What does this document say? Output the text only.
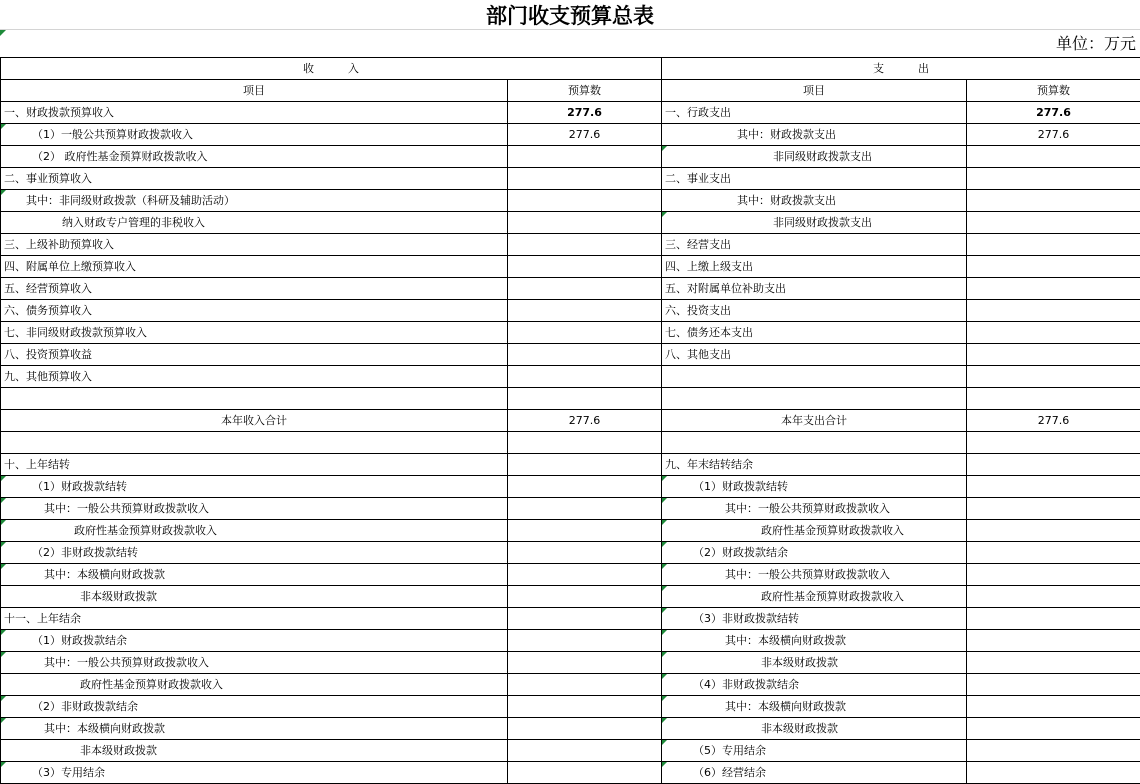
部门收支预算总表
单位：万元
收 入		支 出	
项目	预算数	项目	预算数
一、财政拨款预算收入	277.6	一、行政支出	277.6
（1）一般公共预算财政拨款收入	277.6	其中：财政拨款支出	277.6
（2） 政府性基金预算财政拨款收入		非同级财政拨款支出	
二、事业预算收入		二、事业支出	
其中：非同级财政拨款（科研及辅助活动）		其中：财政拨款支出	
纳入财政专户管理的非税收入		非同级财政拨款支出	
三、上级补助预算收入		三、经营支出	
四、附属单位上缴预算收入		四、上缴上级支出	
五、经营预算收入		五、对附属单位补助支出	
六、债务预算收入		六、投资支出	
七、非同级财政拨款预算收入		七、债务还本支出	
八、投资预算收益		八、其他支出	
九、其他预算收入			

本年收入合计	277.6	本年支出合计	277.6

十、上年结转		九、年末结转结余	
（1）财政拨款结转		（1）财政拨款结转	
其中：一般公共预算财政拨款收入		其中：一般公共预算财政拨款收入	
政府性基金预算财政拨款收入		政府性基金预算财政拨款收入	
（2）非财政拨款结转		（2）财政拨款结余	
其中：本级横向财政拨款		其中：一般公共预算财政拨款收入	
非本级财政拨款		政府性基金预算财政拨款收入	
十一、上年结余		（3）非财政拨款结转	
（1）财政拨款结余		其中：本级横向财政拨款	
其中：一般公共预算财政拨款收入		非本级财政拨款	
政府性基金预算财政拨款收入		（4）非财政拨款结余	
（2）非财政拨款结余		其中：本级横向财政拨款	
其中：本级横向财政拨款		非本级财政拨款	
非本级财政拨款		（5）专用结余	
（3）专用结余		（6）经营结余	
